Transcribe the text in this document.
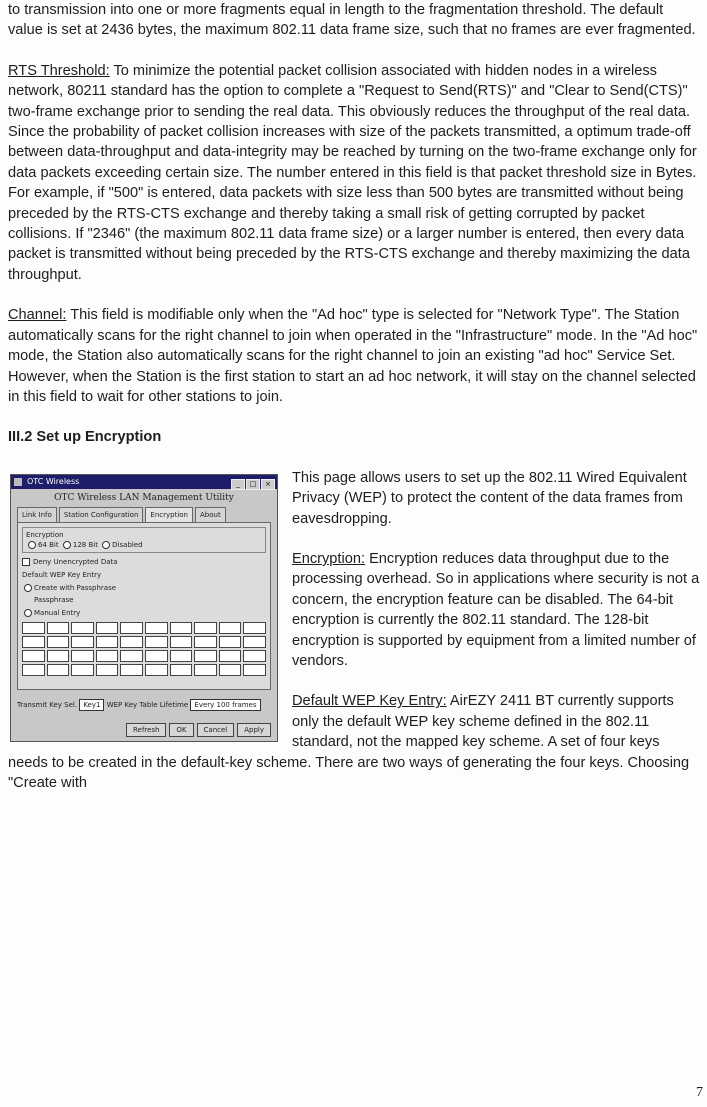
to transmission into one or more fragments equal in length to the fragmentation threshold. The default value is set at 2436 bytes, the maximum 802.11 data frame size, such that no frames are ever fragmented.

RTS Threshold: To minimize the potential packet collision associated with hidden nodes in a wireless network, 80211 standard has the option to complete a "Request to Send(RTS)" and "Clear to Send(CTS)" two-frame exchange prior to sending the real data. This obviously reduces the throughput of the real data. Since the probability of packet collision increases with size of the packets transmitted, a optimum trade-off between data-throughput and data-integrity may be reached by turning on the two-frame exchange only for data packets exceeding certain size. The number entered in this field is that packet threshold size in Bytes. For example, if "500" is entered, data packets with size less than 500 bytes are transmitted without being preceded by the RTS-CTS exchange and thereby taking a small risk of getting corrupted by packet collisions. If "2346" (the maximum 802.11 data frame size) or a larger number is entered, then every data packet is transmitted without being preceded by the RTS-CTS exchange and thereby maximizing the data throughput.

Channel: This field is modifiable only when the "Ad hoc" type is selected for "Network Type". The Station automatically scans for the right channel to join when operated in the "Infrastructure" mode. In the "Ad hoc" mode, the Station also automatically scans for the right channel to join an existing "ad hoc" Service Set. However, when the Station is the first station to start an ad hoc network, it will stay on the channel selected in this field to wait for other stations to join.

III.2 Set up Encryption

OTC Wireless	_ □ ×
OTC Wireless LAN Management Utility
Link Info	Station Configuration	Encryption	About
Encryption
64 Bit 128 Bit Disabled
Deny Unencrypted Data
Default WEP Key Entry
Create with Passphrase
Passphrase
Manual Entry
Transmit Key Sel. Key1 WEP Key Table Lifetime Every 100 frames
Refresh OK Cancel Apply
This page allows users to set up the 802.11 Wired Equivalent Privacy (WEP) to protect the content of the data frames from eavesdropping.

Encryption: Encryption reduces data throughput due to the processing overhead. So in applications where security is not a concern, the encryption feature can be disabled. The 64-bit encryption is currently the 802.11 standard. The 128-bit encryption is supported by equipment from a limited number of vendors.

Default WEP Key Entry: AirEZY 2411 BT currently supports only the default WEP key scheme defined in the 802.11 standard, not the mapped key scheme. A set of four keys needs to be created in the default-key scheme. There are two ways of generating the four keys. Choosing "Create with

7
